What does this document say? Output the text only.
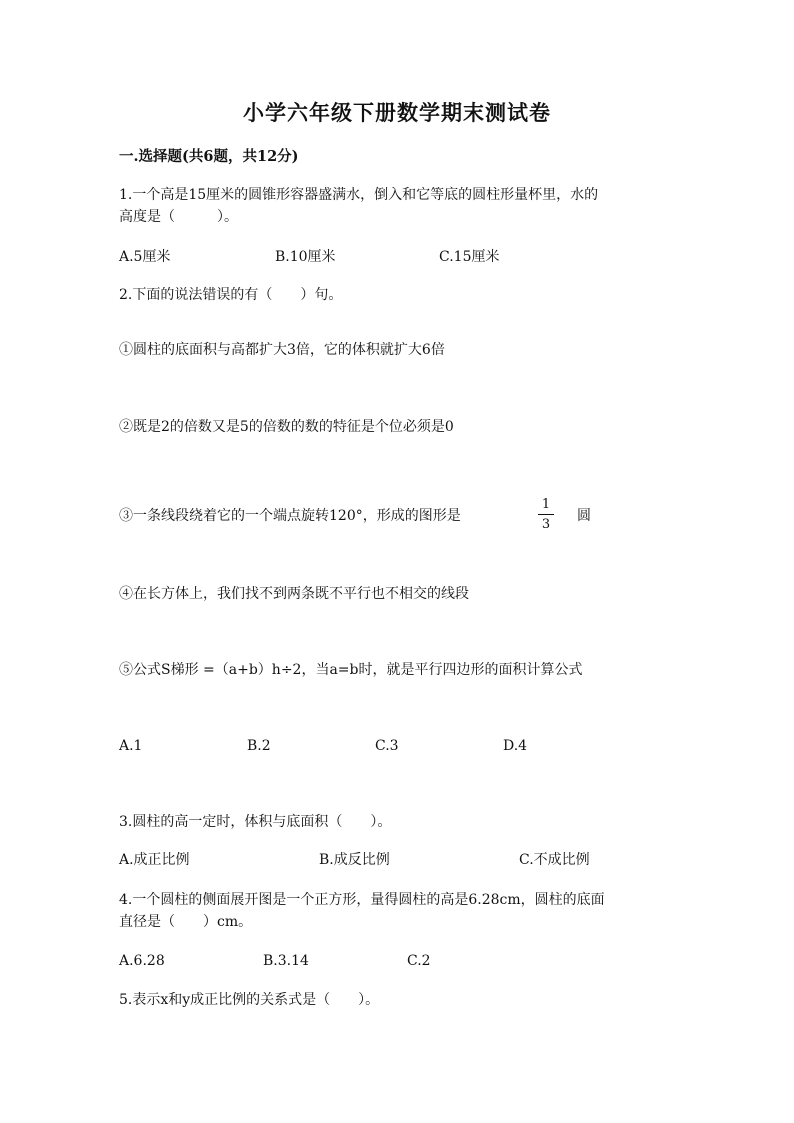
小学六年级下册数学期末测试卷
一.选择题(共6题，共12分)
1.一个高是15厘米的圆锥形容器盛满水，倒入和它等底的圆柱形量杯里，水的
高度是（　　　）。
A.5厘米	B.10厘米	C.15厘米
2.下面的说法错误的有（　　）句。
①圆柱的底面积与高都扩大3倍，它的体积就扩大6倍
②既是2的倍数又是5的倍数的数的特征是个位必须是0
③一条线段绕着它的一个端点旋转120°，形成的图形是
1
3
圆
④在长方体上，我们找不到两条既不平行也不相交的线段
⑤公式S梯形 =（a+b）h÷2，当a=b时，就是平行四边形的面积计算公式
A.1	B.2	C.3	D.4
3.圆柱的高一定时，体积与底面积（　　）。
A.成正比例	B.成反比例	C.不成比例
4.一个圆柱的侧面展开图是一个正方形，量得圆柱的高是6.28cm，圆柱的底面
直径是（　　）cm。
A.6.28	B.3.14	C.2
5.表示x和y成正比例的关系式是（　　）。
